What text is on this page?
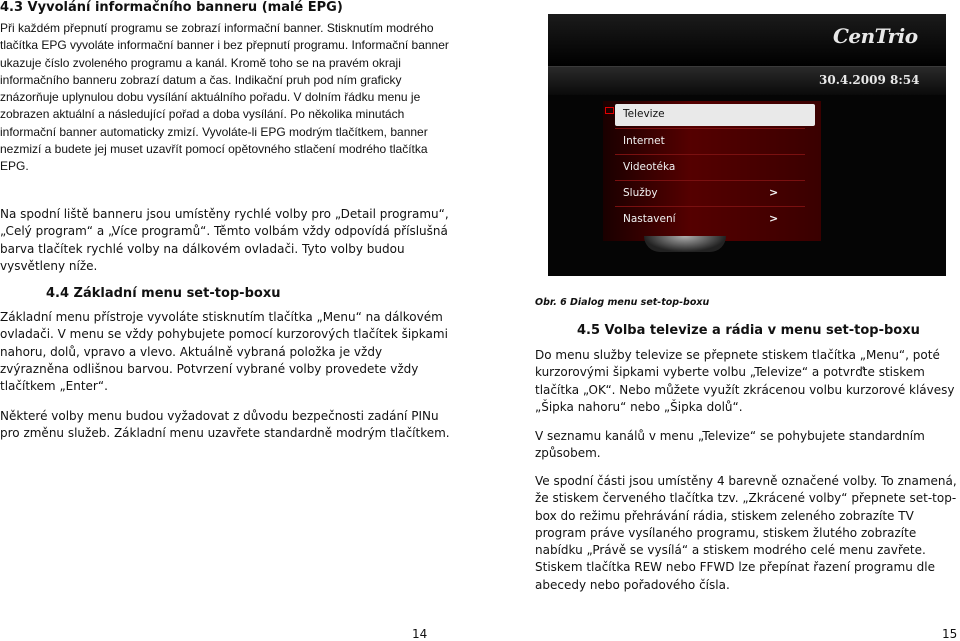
4.3 Vyvolání informačního banneru (malé EPG)

Při každém přepnutí programu se zobrazí informační banner. Stisknutím modrého tlačítka EPG vyvoláte informační banner i bez přepnutí programu. Informační banner ukazuje číslo zvoleného programu a kanál. Kromě toho se na pravém okraji informačního banneru zobrazí datum a čas. Indikační pruh pod ním graficky znázorňuje uplynulou dobu vysílání aktuálního pořadu. V dolním řádku menu je zobrazen aktuální a následující pořad a doba vysílání. Po několika minutách informační banner automaticky zmizí. Vyvoláte-li EPG modrým tlačítkem, banner nezmizí a budete jej muset uzavřít pomocí opětovného stlačení modrého tlačítka EPG.

Na spodní liště banneru jsou umístěny rychlé volby pro „Detail programu“, „Celý program“ a „Více programů“. Těmto volbám vždy odpovídá příslušná barva tlačítek rychlé volby na dálkovém ovladači. Tyto volby budou vysvětleny níže.

4.4 Základní menu set-top-boxu

Základní menu přístroje vyvoláte stisknutím tlačítka „Menu“ na dálkovém ovladači. V menu se vždy pohybujete pomocí kurzorových tlačítek šipkami nahoru, dolů, vpravo a vlevo. Aktuálně vybraná položka je vždy zvýrazněna odlišnou barvou. Potvrzení vybrané volby provedete vždy tlačítkem „Enter“.

Některé volby menu budou vyžadovat z důvodu bezpečnosti zadání PINu pro změnu služeb. Základní menu uzavřete standardně modrým tlačítkem.

14
CenTrio
30.4.2009 8:54
Televize
Internet
Videotéka
Služby	>
Nastavení	>
Obr. 6 Dialog menu set-top-boxu
4.5 Volba televize a rádia v menu set-top-boxu

Do menu služby televize se přepnete stiskem tlačítka „Menu“, poté kurzorovými šipkami vyberte volbu „Televize“ a potvrďte stiskem tlačítka „OK“. Nebo můžete využít zkrácenou volbu kurzorové klávesy „Šipka nahoru“ nebo „Šipka dolů“.

V seznamu kanálů v menu „Televize“ se pohybujete standardním způsobem.

Ve spodní části jsou umístěny 4 barevně označené volby. To znamená, že stiskem červeného tlačítka tzv. „Zkrácené volby“ přepnete set-top-box do režimu přehrávání rádia, stiskem zeleného zobrazíte TV program práve vysílaného programu, stiskem žlutého zobrazíte nabídku „Právě se vysílá“ a stiskem modrého celé menu zavřete. Stiskem tlačítka REW nebo FFWD lze přepínat řazení programu dle abecedy nebo pořadového čísla.

15
